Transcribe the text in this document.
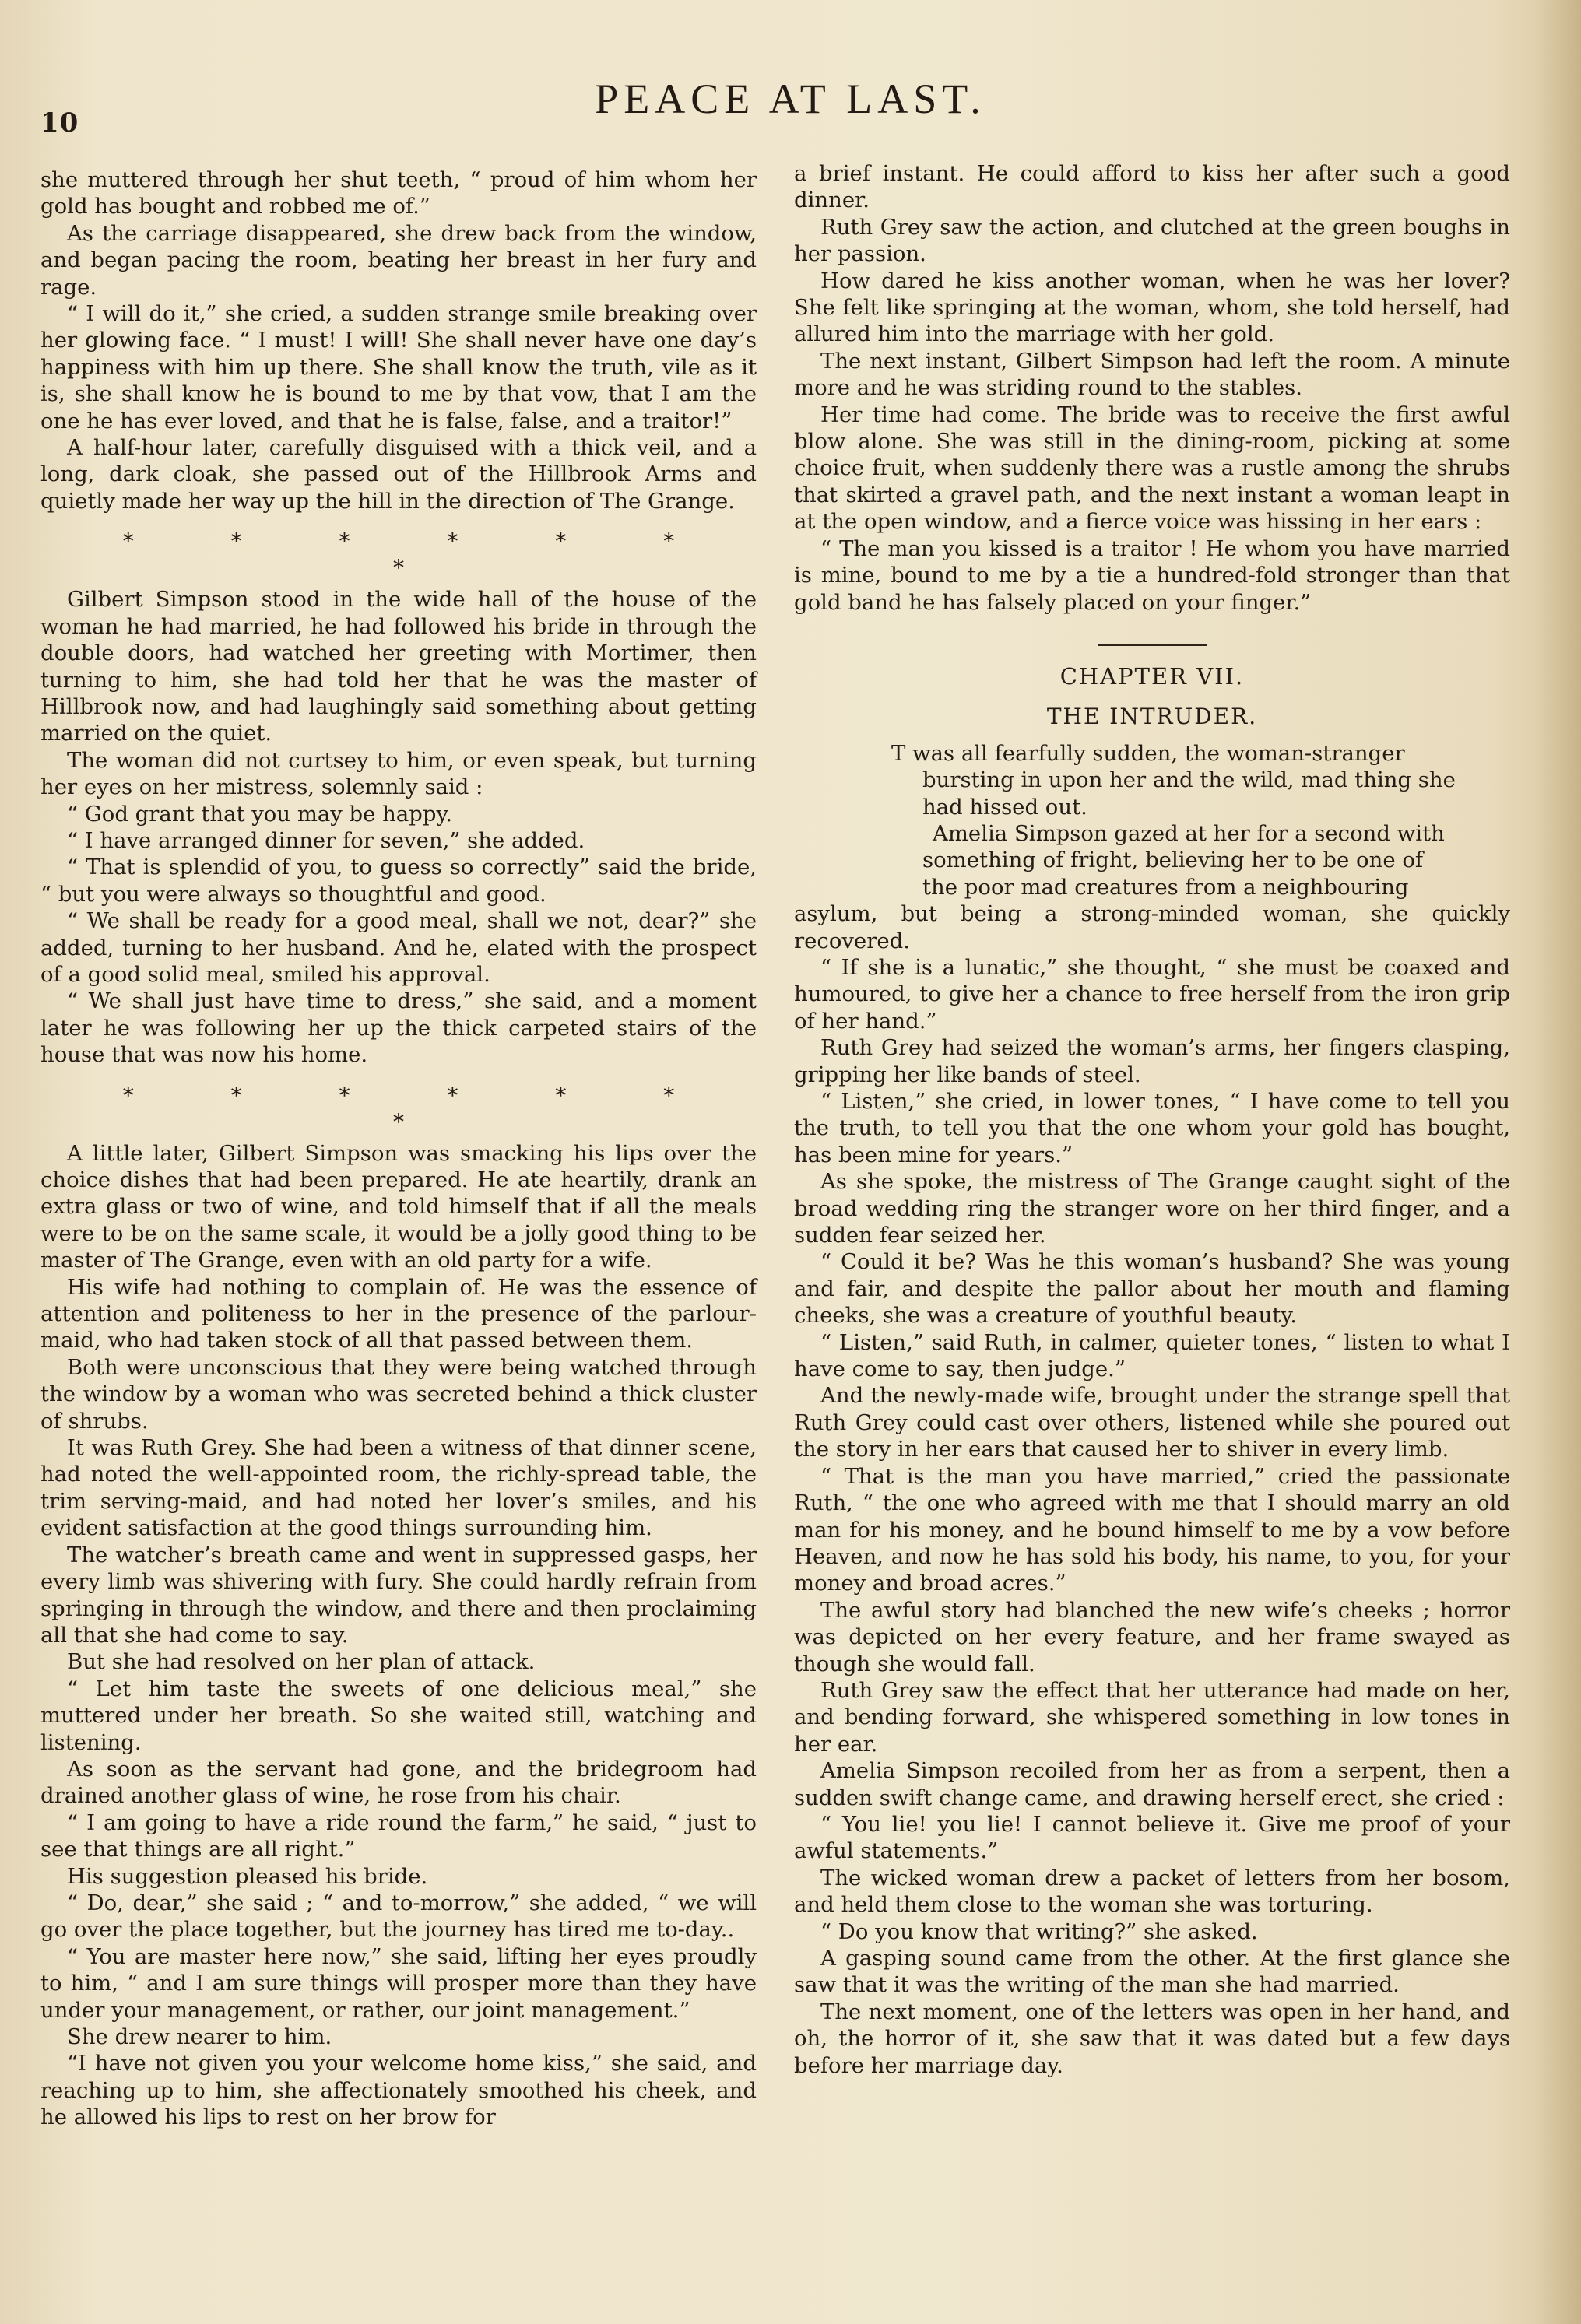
10
PEACE AT LAST.

she muttered through her shut teeth, “ proud of him whom her gold has bought and robbed me of.”

As the carriage disappeared, she drew back from the window, and began pacing the room, beating her breast in her fury and rage.

“ I will do it,” she cried, a sudden strange smile breaking over her glowing face. “ I must! I will! She shall never have one day’s happiness with him up there. She shall know the truth, vile as it is, she shall know he is bound to me by that vow, that I am the one he has ever loved, and that he is false, false, and a traitor!”

A half-hour later, carefully disguised with a thick veil, and a long, dark cloak, she passed out of the Hillbrook Arms and quietly made her way up the hill in the direction of The Grange.

* * * * * * *

Gilbert Simpson stood in the wide hall of the house of the woman he had married, he had followed his bride in through the double doors, had watched her greeting with Mortimer, then turning to him, she had told her that he was the master of Hillbrook now, and had laughingly said something about getting married on the quiet.

The woman did not curtsey to him, or even speak, but turning her eyes on her mistress, solemnly said :

“ God grant that you may be happy.

“ I have arranged dinner for seven,” she added.

“ That is splendid of you, to guess so correctly” said the bride, “ but you were always so thoughtful and good.

“ We shall be ready for a good meal, shall we not, dear?” she added, turning to her husband. And he, elated with the prospect of a good solid meal, smiled his approval.

“ We shall just have time to dress,” she said, and a moment later he was following her up the thick carpeted stairs of the house that was now his home.

* * * * * * *

A little later, Gilbert Simpson was smacking his lips over the choice dishes that had been prepared. He ate heartily, drank an extra glass or two of wine, and told himself that if all the meals were to be on the same scale, it would be a jolly good thing to be master of The Grange, even with an old party for a wife.

His wife had nothing to complain of. He was the essence of attention and politeness to her in the presence of the parlour-maid, who had taken stock of all that passed between them.

Both were unconscious that they were being watched through the window by a woman who was secreted behind a thick cluster of shrubs.

It was Ruth Grey. She had been a witness of that dinner scene, had noted the well-appointed room, the richly-spread table, the trim serving-maid, and had noted her lover’s smiles, and his evident satisfaction at the good things surrounding him.

The watcher’s breath came and went in suppressed gasps, her every limb was shivering with fury. She could hardly refrain from springing in through the window, and there and then proclaiming all that she had come to say.

But she had resolved on her plan of attack.

“ Let him taste the sweets of one delicious meal,” she muttered under her breath. So she waited still, watching and listening.

As soon as the servant had gone, and the bridegroom had drained another glass of wine, he rose from his chair.

“ I am going to have a ride round the farm,” he said, “ just to see that things are all right.”

His suggestion pleased his bride.

“ Do, dear,” she said ; “ and to-morrow,” she added, “ we will go over the place together, but the journey has tired me to-day..

“ You are master here now,” she said, lifting her eyes proudly to him, “ and I am sure things will prosper more than they have under your management, or rather, our joint management.”

She drew nearer to him.

“I have not given you your welcome home kiss,” she said, and reaching up to him, she affectionately smoothed his cheek, and he allowed his lips to rest on her brow for

a brief instant. He could afford to kiss her after such a good dinner.

Ruth Grey saw the action, and clutched at the green boughs in her passion.

How dared he kiss another woman, when he was her lover? She felt like springing at the woman, whom, she told herself, had allured him into the marriage with her gold.

The next instant, Gilbert Simpson had left the room. A minute more and he was striding round to the stables.

Her time had come. The bride was to receive the first awful blow alone. She was still in the dining-room, picking at some choice fruit, when suddenly there was a rustle among the shrubs that skirted a gravel path, and the next instant a woman leapt in at the open window, and a fierce voice was hissing in her ears :

“ The man you kissed is a traitor ! He whom you have married is mine, bound to me by a tie a hundred-fold stronger than that gold band he has falsely placed on your finger.”

CHAPTER VII.
THE INTRUDER.

T was all fearfully sudden, the woman-stranger

bursting in upon her and the wild, mad thing she

had hissed out.

Amelia Simpson gazed at her for a second with

something of fright, believing her to be one of

the poor mad creatures from a neighbouring

asylum, but being a strong-minded woman, she quickly recovered.

“ If she is a lunatic,” she thought, “ she must be coaxed and humoured, to give her a chance to free herself from the iron grip of her hand.”

Ruth Grey had seized the woman’s arms, her fingers clasping, gripping her like bands of steel.

“ Listen,” she cried, in lower tones, “ I have come to tell you the truth, to tell you that the one whom your gold has bought, has been mine for years.”

As she spoke, the mistress of The Grange caught sight of the broad wedding ring the stranger wore on her third finger, and a sudden fear seized her.

“ Could it be? Was he this woman’s husband? She was young and fair, and despite the pallor about her mouth and flaming cheeks, she was a creature of youthful beauty.

“ Listen,” said Ruth, in calmer, quieter tones, “ listen to what I have come to say, then judge.”

And the newly-made wife, brought under the strange spell that Ruth Grey could cast over others, listened while she poured out the story in her ears that caused her to shiver in every limb.

“ That is the man you have married,” cried the passionate Ruth, “ the one who agreed with me that I should marry an old man for his money, and he bound himself to me by a vow before Heaven, and now he has sold his body, his name, to you, for your money and broad acres.”

The awful story had blanched the new wife’s cheeks ; horror was depicted on her every feature, and her frame swayed as though she would fall.

Ruth Grey saw the effect that her utterance had made on her, and bending forward, she whispered something in low tones in her ear.

Amelia Simpson recoiled from her as from a serpent, then a sudden swift change came, and drawing herself erect, she cried :

“ You lie! you lie! I cannot believe it. Give me proof of your awful statements.”

The wicked woman drew a packet of letters from her bosom, and held them close to the woman she was torturing.

“ Do you know that writing?” she asked.

A gasping sound came from the other. At the first glance she saw that it was the writing of the man she had married.

The next moment, one of the letters was open in her hand, and oh, the horror of it, she saw that it was dated but a few days before her marriage day.
